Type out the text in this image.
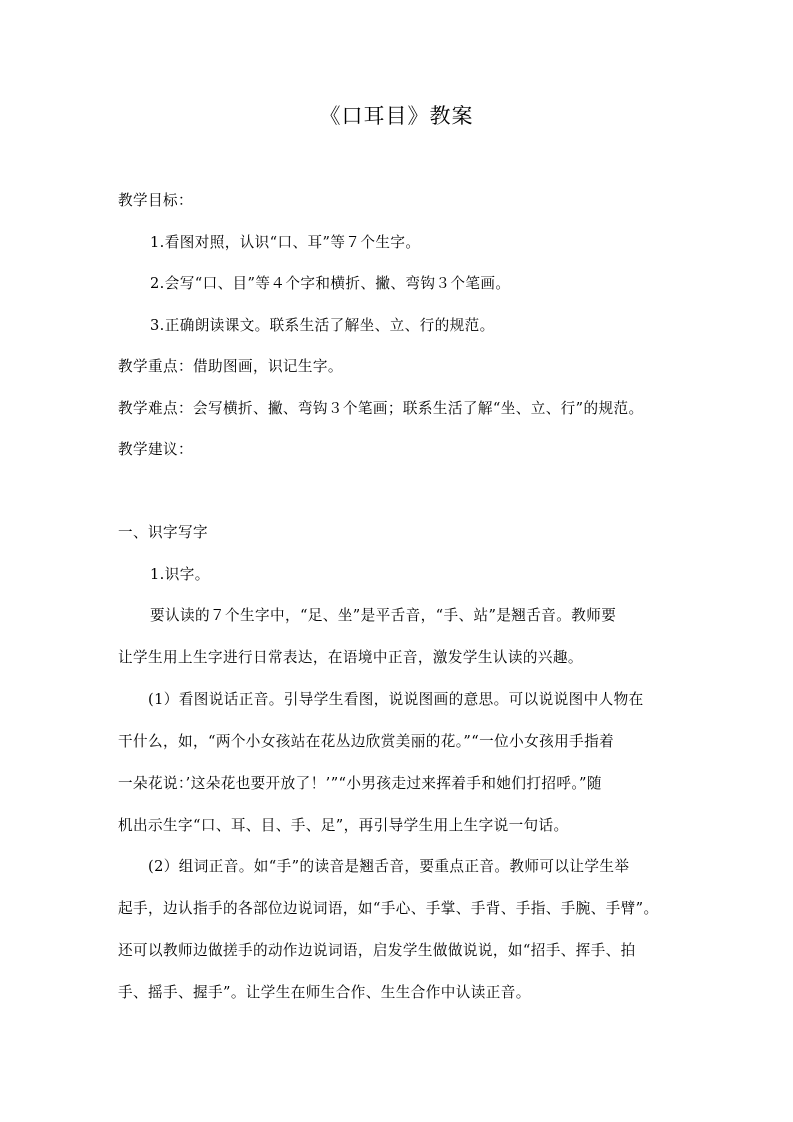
《口耳目》教案
教学目标：
1.看图对照，认识“口、耳”等７个生字。
2.会写“口、目”等４个字和横折、撇、弯钩３个笔画。
3.正确朗读课文。联系生活了解坐、立、行的规范。
教学重点：借助图画，识记生字。
教学难点：会写横折、撇、弯钩３个笔画；联系生活了解“坐、立、行”的规范。
教学建议：
一、识字写字
1.识字。
要认读的７个生字中，“足、坐”是平舌音，“手、站”是翘舌音。教师要
让学生用上生字进行日常表达，在语境中正音，激发学生认读的兴趣。
(1）看图说话正音。引导学生看图，说说图画的意思。可以说说图中人物在
干什么，如，“两个小女孩站在花丛边欣赏美丽的花。”“一位小女孩用手指着
一朵花说：’这朵花也要开放了！’”“小男孩走过来挥着手和她们打招呼。”随
机出示生字“口、耳、目、手、足”，再引导学生用上生字说一句话。
(2）组词正音。如“手”的读音是翘舌音，要重点正音。教师可以让学生举
起手，边认指手的各部位边说词语，如“手心、手掌、手背、手指、手腕、手臂”。
还可以教师边做搓手的动作边说词语，启发学生做做说说，如“招手、挥手、拍
手、摇手、握手”。让学生在师生合作、生生合作中认读正音。
